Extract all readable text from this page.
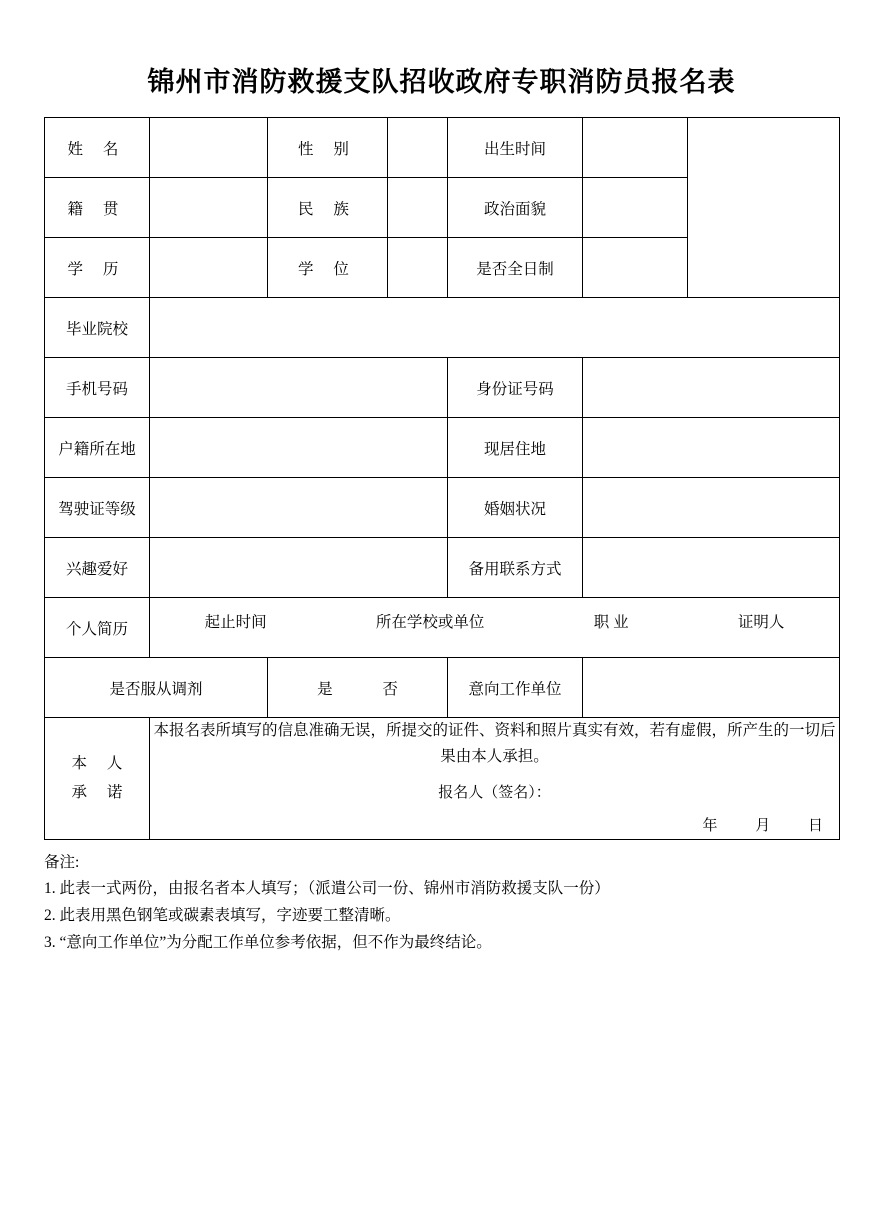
锦州市消防救援支队招收政府专职消防员报名表
姓 名		性 别		出生时间		
籍 贯		民 族		政治面貌		
学 历		学 位		是否全日制		
毕业院校						
手机号码				身份证号码		
户籍所在地				现居住地		
驾驶证等级				婚姻状况		
兴趣爱好				备用联系方式		
个人简历	起止时间 所在学校或单位 职 业 证明人					

是否服从调剂		是 否		意向工作单位		

本 人
承 诺

本报名表所填写的信息准确无误，所提交的证件、资料和照片真实有效，若有虚假，所产生的一切后果由本人承担。
报名人（签名）：
年	月	日
备注:
1. 此表一式两份，由报名者本人填写；（派遣公司一份、锦州市消防救援支队一份）
2. 此表用黑色钢笔或碳素表填写，字迹要工整清晰。
3. “意向工作单位”为分配工作单位参考依据，但不作为最终结论。
